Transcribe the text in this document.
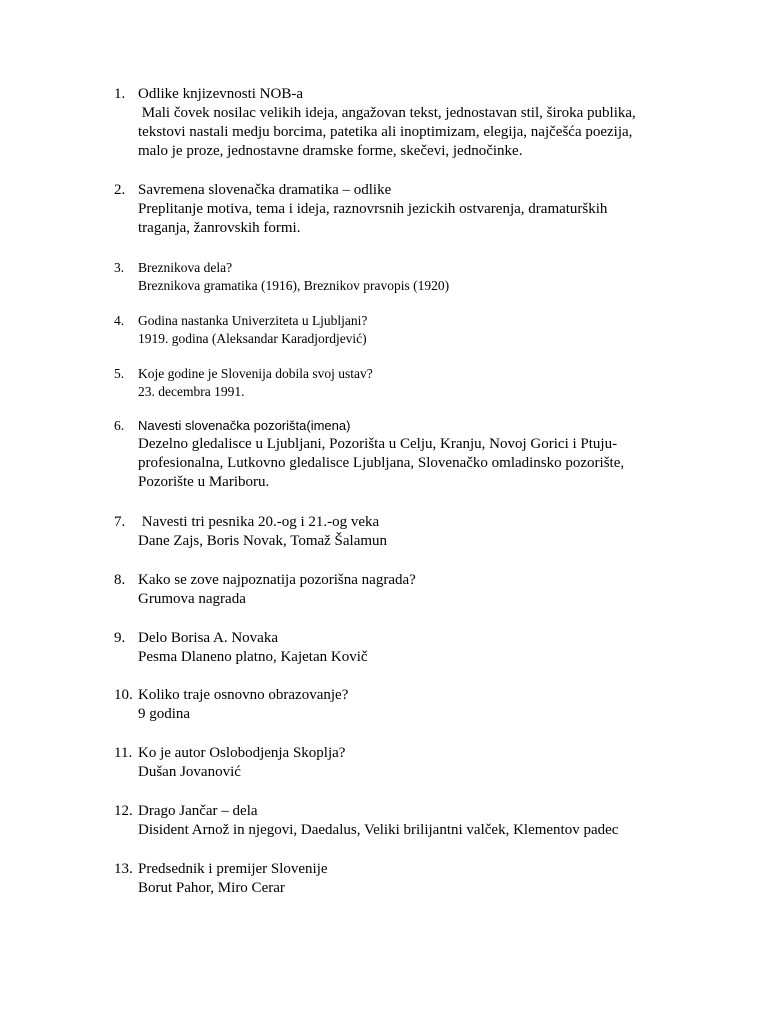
1. Odlike knjizevnosti NOB-a
Mali čovek nosilac velikih ideja, angažovan tekst, jednostavan stil, široka publika,
tekstovi nastali medju borcima, patetika ali inoptimizam, elegija, najčešća poezija,
malo je proze, jednostavne dramske forme, skečevi, jednočinke.
2. Savremena slovenačka dramatika – odlike
Preplitanje motiva, tema i ideja, raznovrsnih jezickih ostvarenja, dramaturških
traganja, žanrovskih formi.
3. Breznikova dela?
Breznikova gramatika (1916), Breznikov pravopis (1920)
4. Godina nastanka Univerziteta u Ljubljani?
1919. godina (Aleksandar Karadjordjević)
5. Koje godine je Slovenija dobila svoj ustav?
23. decembra 1991.
6. Navesti slovenačka pozorišta(imena)
Dezelno gledalisce u Ljubljani, Pozorišta u Celju, Kranju, Novoj Gorici i Ptuju-
profesionalna, Lutkovno gledalisce Ljubljana, Slovenačko omladinsko pozorište,
Pozorište u Mariboru.
7. Navesti tri pesnika 20.-og i 21.-og veka
Dane Zajs, Boris Novak, Tomaž Šalamun
8. Kako se zove najpoznatija pozorišna nagrada?
Grumova nagrada
9. Delo Borisa A. Novaka
Pesma Dlaneno platno, Kajetan Kovič
10. Koliko traje osnovno obrazovanje?
9 godina
11. Ko je autor Oslobodjenja Skoplja?
Dušan Jovanović
12. Drago Jančar – dela
Disident Arnož in njegovi, Daedalus, Veliki brilijantni valček, Klementov padec
13. Predsednik i premijer Slovenije
Borut Pahor, Miro Cerar
